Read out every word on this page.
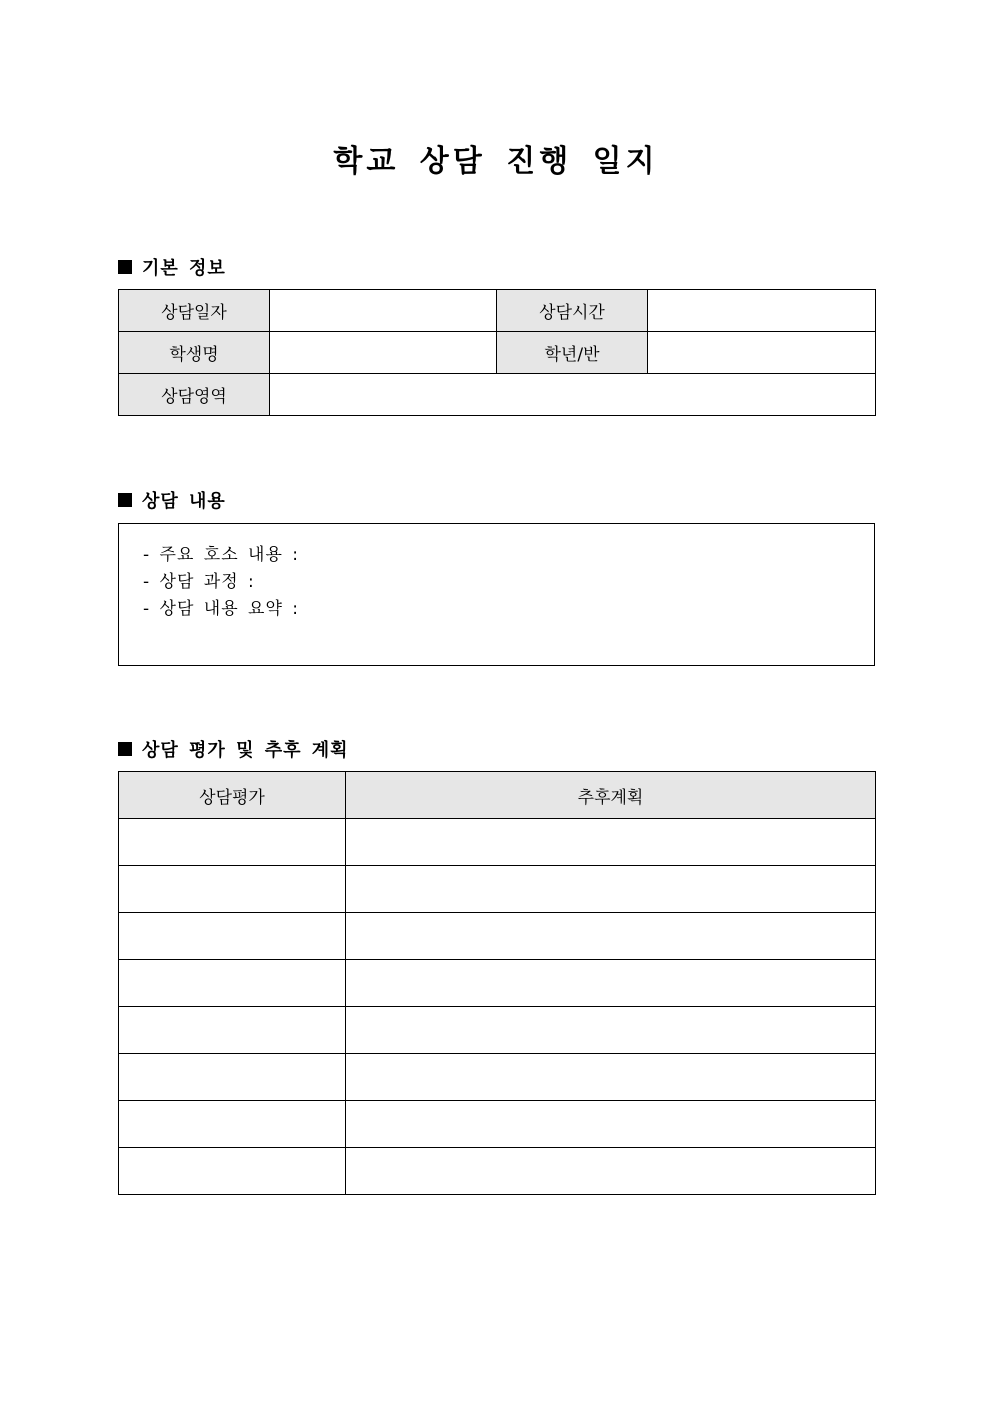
학교 상담 진행 일지
기본 정보
상담일자		상담시간	
학생명		학년/반	
상담영역			
상담 내용
- 주요 호소 내용 :
- 상담 과정 :
- 상담 내용 요약 :
상담 평가 및 추후 계획
상담평가	추후계획
